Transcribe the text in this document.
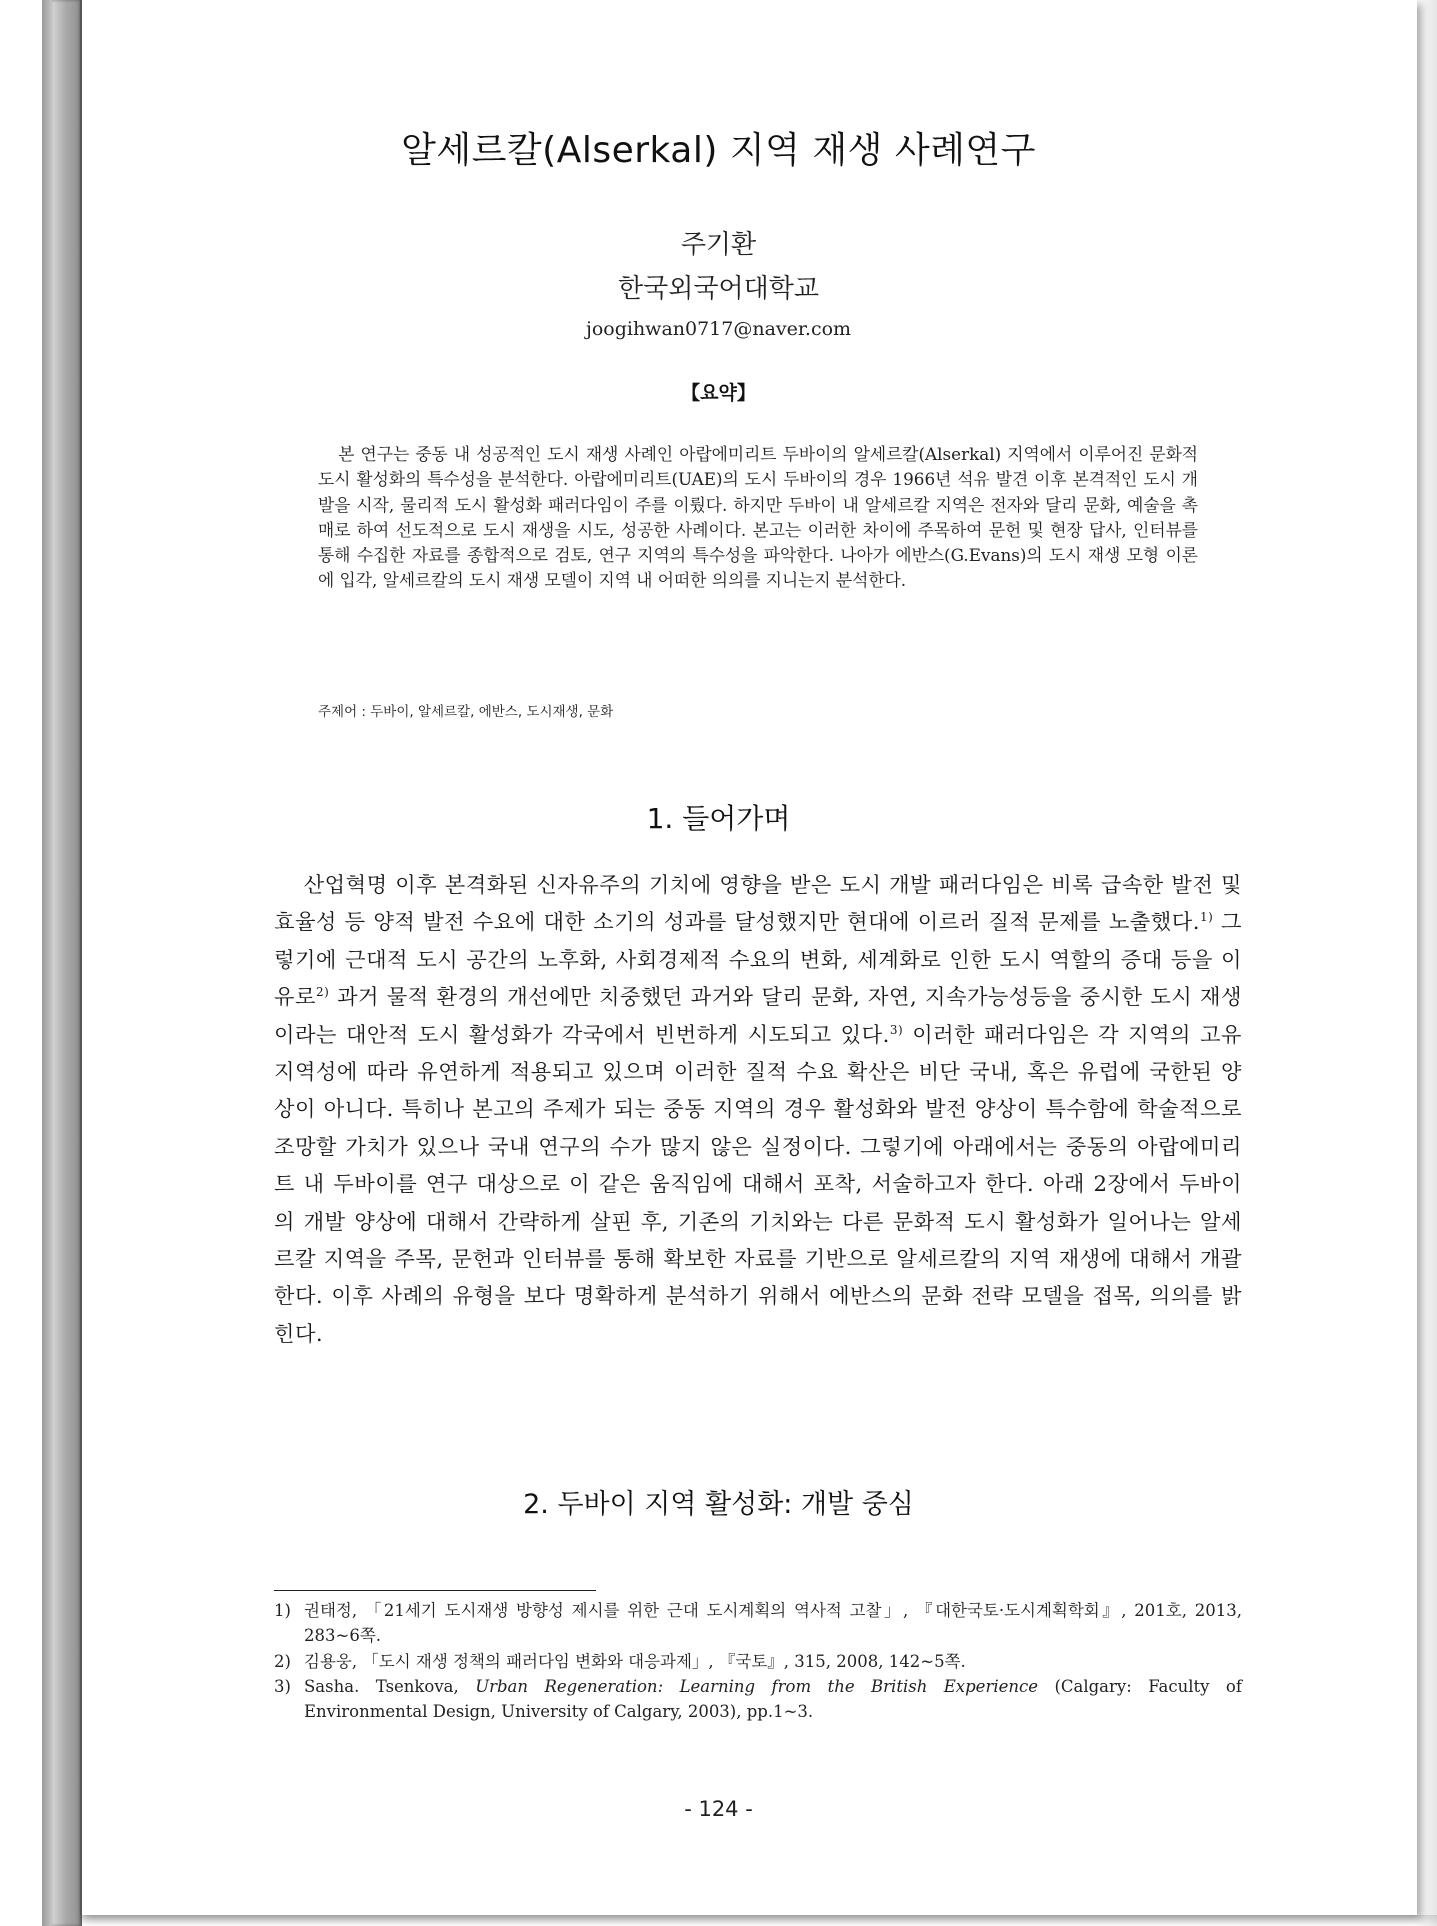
알세르칼(Alserkal) 지역 재생 사례연구
주기환
한국외국어대학교
joogihwan0717@naver.com
【요약】
본 연구는 중동 내 성공적인 도시 재생 사례인 아랍에미리트 두바이의 알세르칼(Alserkal) 지역에서 이루어진 문화적 도시 활성화의 특수성을 분석한다. 아랍에미리트(UAE)의 도시 두바이의 경우 1966년 석유 발견 이후 본격적인 도시 개발을 시작, 물리적 도시 활성화 패러다임이 주를 이뤘다. 하지만 두바이 내 알세르칼 지역은 전자와 달리 문화, 예술을 촉매로 하여 선도적으로 도시 재생을 시도, 성공한 사례이다. 본고는 이러한 차이에 주목하여 문헌 및 현장 답사, 인터뷰를 통해 수집한 자료를 종합적으로 검토, 연구 지역의 특수성을 파악한다. 나아가 에반스(G.Evans)의 도시 재생 모형 이론에 입각, 알세르칼의 도시 재생 모델이 지역 내 어떠한 의의를 지니는지 분석한다.
주제어 : 두바이, 알세르칼, 에반스, 도시재생, 문화
1. 들어가며

산업혁명 이후 본격화된 신자유주의 기치에 영향을 받은 도시 개발 패러다임은 비록 급속한 발전 및 효율성 등 양적 발전 수요에 대한 소기의 성과를 달성했지만 현대에 이르러 질적 문제를 노출했다.$^{1)}$ 그렇기에 근대적 도시 공간의 노후화, 사회경제적 수요의 변화, 세계화로 인한 도시 역할의 증대 등을 이유로$^{2)}$ 과거 물적 환경의 개선에만 치중했던 과거와 달리 문화, 자연, 지속가능성등을 중시한 도시 재생이라는 대안적 도시 활성화가 각국에서 빈번하게 시도되고 있다.$^{3)}$ 이러한 패러다임은 각 지역의 고유 지역성에 따라 유연하게 적용되고 있으며 이러한 질적 수요 확산은 비단 국내, 혹은 유럽에 국한된 양상이 아니다. 특히나 본고의 주제가 되는 중동 지역의 경우 활성화와 발전 양상이 특수함에 학술적으로 조망할 가치가 있으나 국내 연구의 수가 많지 않은 실정이다. 그렇기에 아래에서는 중동의 아랍에미리트 내 두바이를 연구 대상으로 이 같은 움직임에 대해서 포착, 서술하고자 한다. 아래 2장에서 두바이의 개발 양상에 대해서 간략하게 살핀 후, 기존의 기치와는 다른 문화적 도시 활성화가 일어나는 알세르칼 지역을 주목, 문헌과 인터뷰를 통해 확보한 자료를 기반으로 알세르칼의 지역 재생에 대해서 개괄한다. 이후 사례의 유형을 보다 명확하게 분석하기 위해서 에반스의 문화 전략 모델을 접목, 의의를 밝힌다.

2. 두바이 지역 활성화: 개발 중심
1) 권태정, 「21세기 도시재생 방향성 제시를 위한 근대 도시계획의 역사적 고찰」, 『대한국토·도시계획학회』, 201호, 2013, 283~6쪽.
2) 김용웅, 「도시 재생 정책의 패러다임 변화와 대응과제」, 『국토』, 315, 2008, 142~5쪽.
3) Sasha. Tsenkova, Urban Regeneration: Learning from the British Experience (Calgary: Faculty of Environmental Design, University of Calgary, 2003), pp.1~3.
- 124 -
